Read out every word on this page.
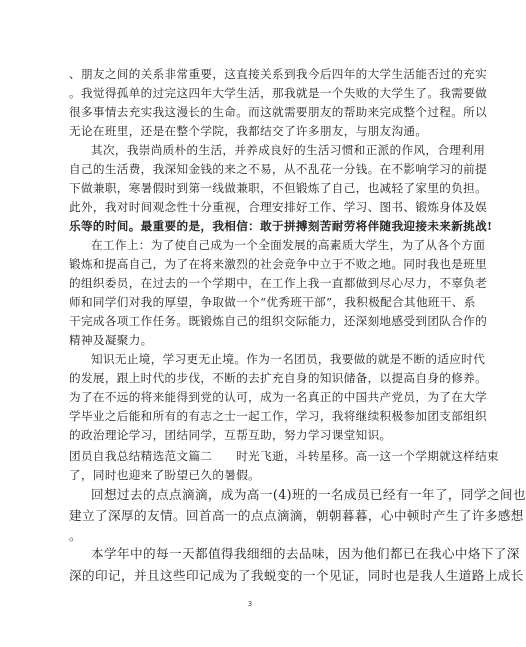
、朋友之间的关系非常重要，这直接关系到我今后四年的大学生活能否过的充实
。我觉得孤单的过完这四年大学生活，那我就是一个失败的大学生了。我需要做
很多事情去充实我这漫长的生命。而这就需要朋友的帮助来完成整个过程。所以
无论在班里，还是在整个学院，我都结交了许多朋友，与朋友沟通。
其次，我崇尚质朴的生活，并养成良好的生活习惯和正派的作风，合理利用
自己的生活费，我深知金钱的来之不易，从不乱花一分钱。在不影响学习的前提
下做兼职，寒暑假时到第一线做兼职，不但锻炼了自己，也减轻了家里的负担。
此外，我对时间观念性十分重视，合理安排好工作、学习、图书、锻炼身体及娱
乐等的时间。最重要的是，我相信：敢于拼搏刻苦耐劳将伴随我迎接未来新挑战!
在工作上：为了使自己成为一个全面发展的高素质大学生，为了从各个方面
锻炼和提高自己，为了在将来激烈的社会竞争中立于不败之地。同时我也是班里
的组织委员，在过去的一个学期中，在工作上我一直都做到尽心尽力，不辜负老
师和同学们对我的厚望，争取做一个“优秀班干部”，我积极配合其他班干、系
干完成各项工作任务。既锻炼自己的组织交际能力，还深刻地感受到团队合作的
精神及凝聚力。
知识无止境，学习更无止境。作为一名团员，我要做的就是不断的适应时代
的发展，跟上时代的步伐，不断的去扩充自身的知识储备，以提高自身的修养。
为了在不远的将来能得到党的认可，成为一名真正的中国共产党员，为了在大学
学毕业之后能和所有的有志之士一起工作，学习，我将继续积极参加团支部组织
的政治理论学习，团结同学，互帮互助，努力学习课堂知识。
团员自我总结精选范文篇二　　时光飞逝，斗转星移。高一这一个学期就这样结束
了，同时也迎来了盼望已久的暑假。
回想过去的点点滴滴，成为高一(4)班的一名成员已经有一年了，同学之间也
建立了深厚的友情。回首高一的点点滴滴，朝朝暮暮，心中顿时产生了许多感想
。
本学年中的每一天都值得我细细的去品味，因为他们都已在我心中烙下了深
深的印记，并且这些印记成为了我蜕变的一个见证，同时也是我人生道路上成长
3
